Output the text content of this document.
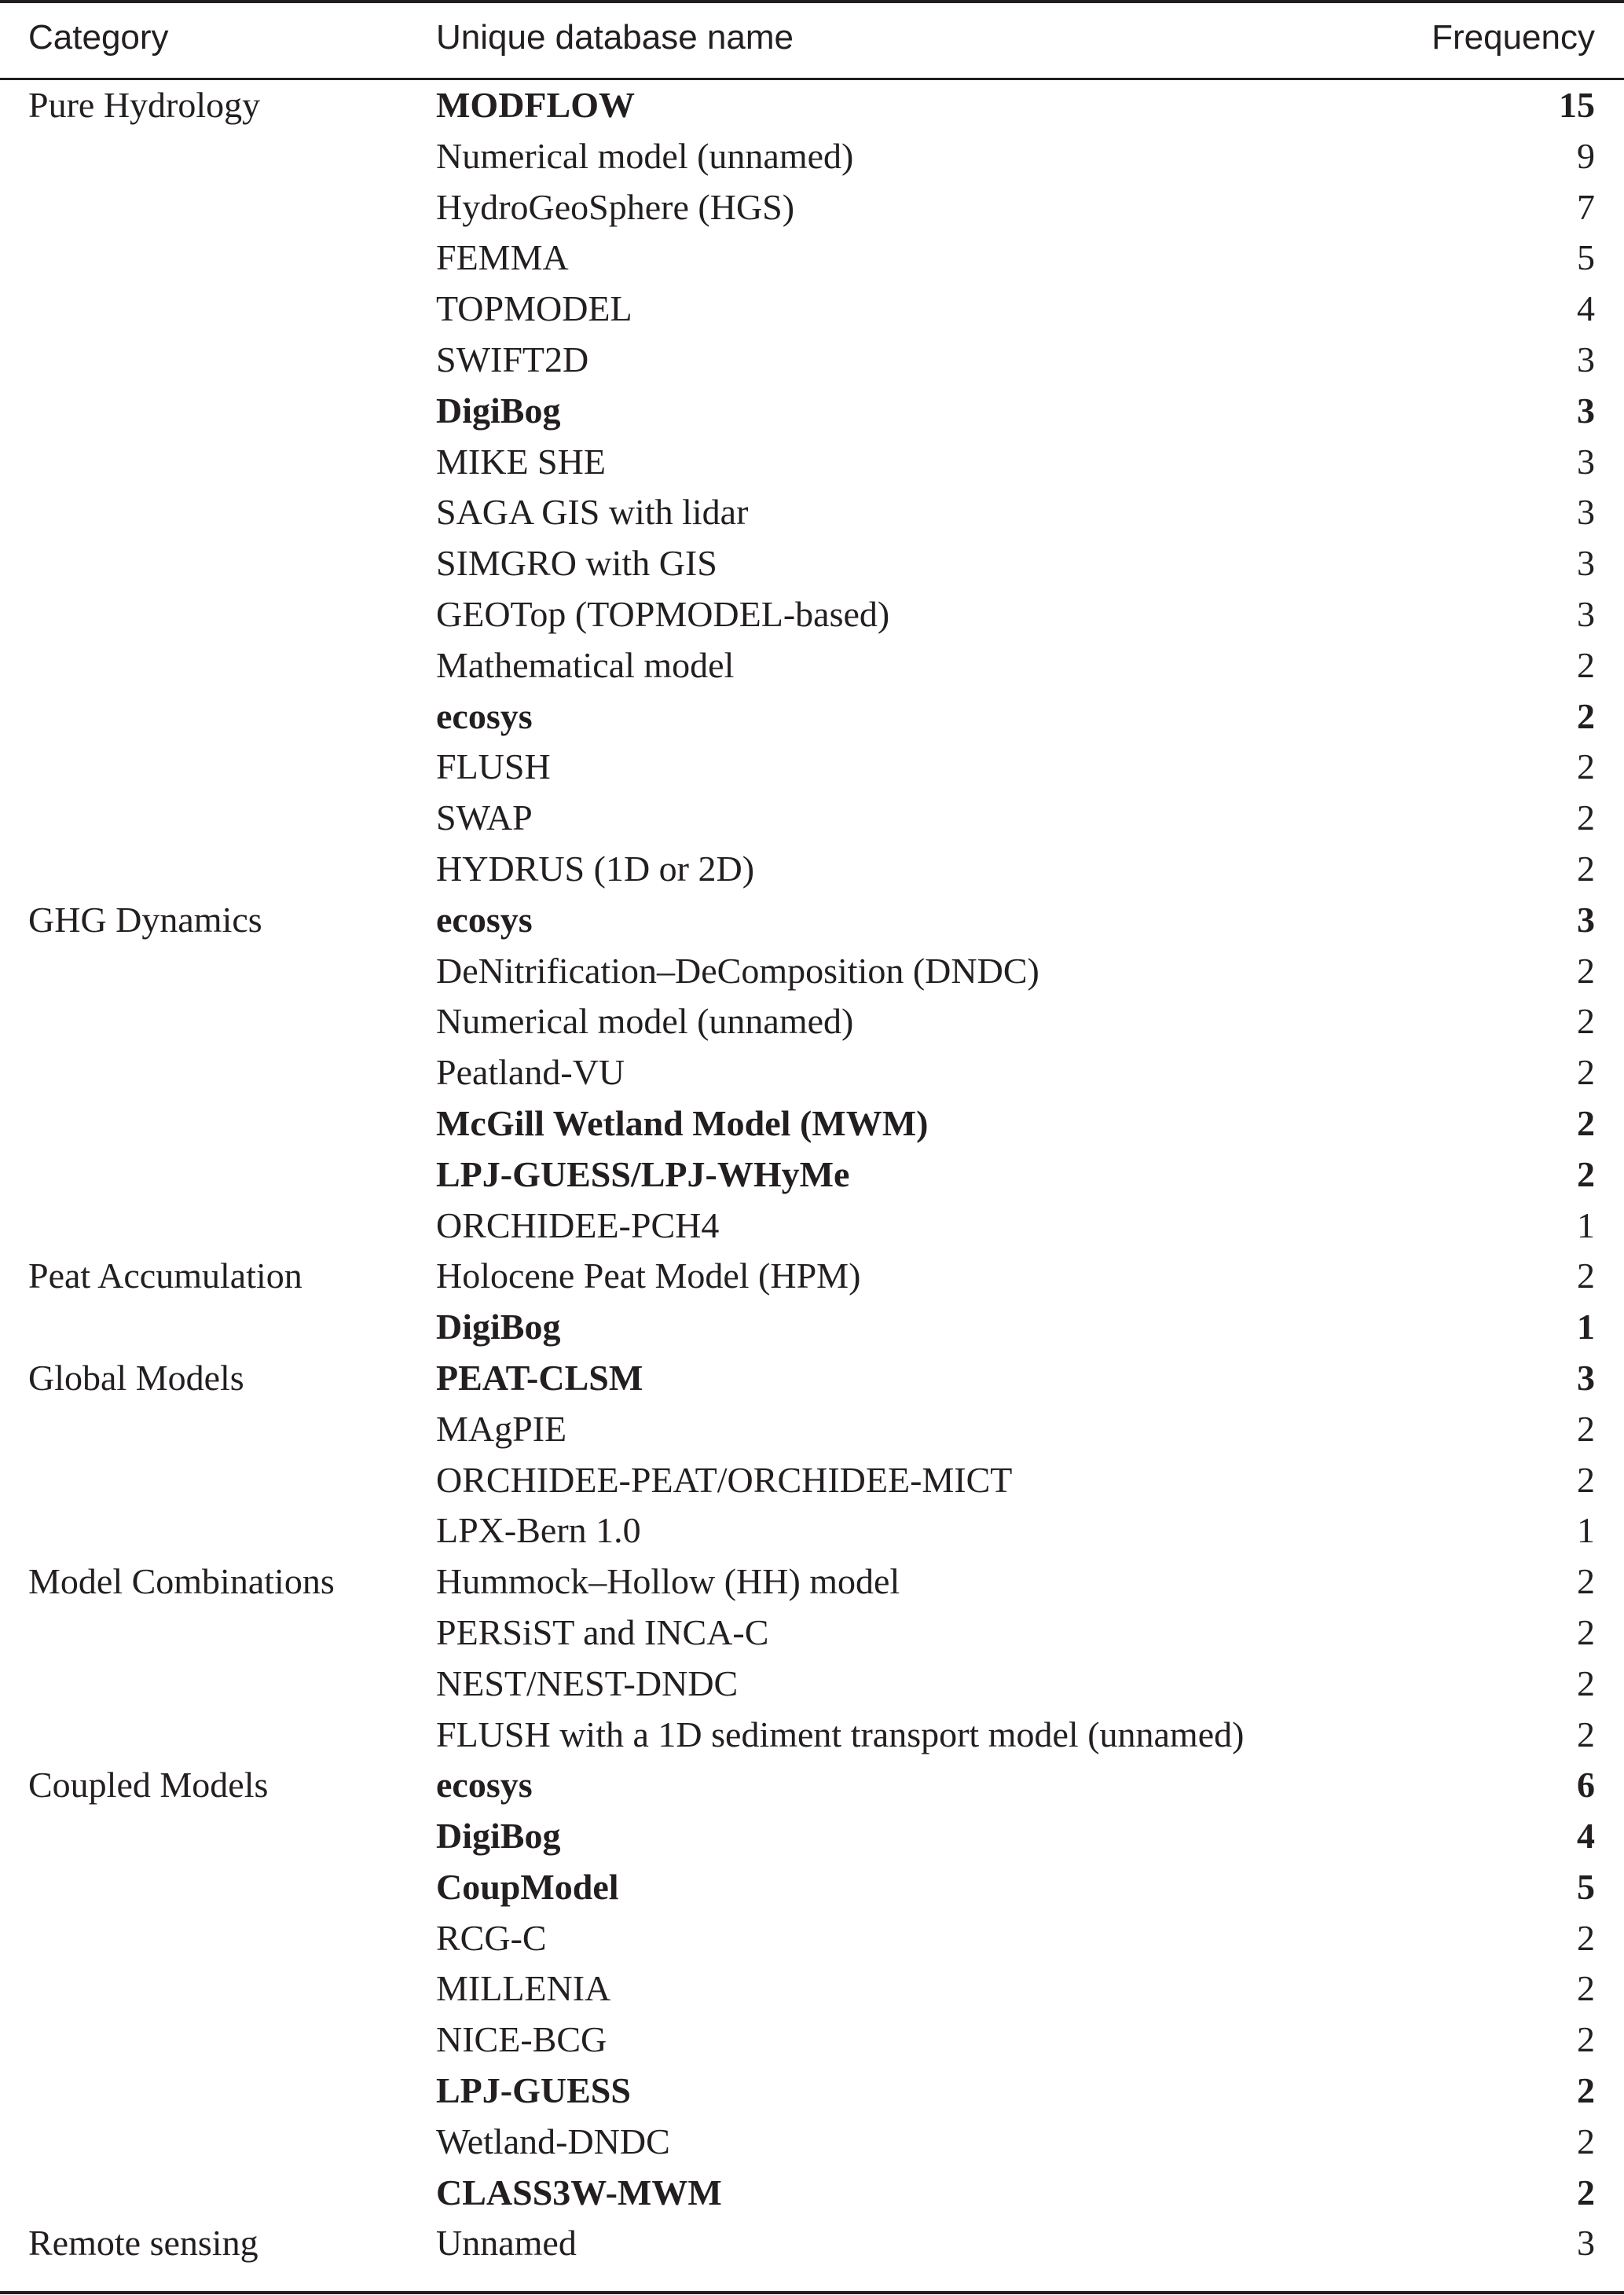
Category	Unique database name	Frequency

Pure Hydrology	MODFLOW	15
	Numerical model (unnamed)	9
	HydroGeoSphere (HGS)	7
	FEMMA	5
	TOPMODEL	4
	SWIFT2D	3
	DigiBog	3
	MIKE SHE	3
	SAGA GIS with lidar	3
	SIMGRO with GIS	3
	GEOTop (TOPMODEL-based)	3
	Mathematical model	2
	ecosys	2
	FLUSH	2
	SWAP	2
	HYDRUS (1D or 2D)	2
GHG Dynamics	ecosys	3
	DeNitrification–DeComposition (DNDC)	2
	Numerical model (unnamed)	2
	Peatland-VU	2
	McGill Wetland Model (MWM)	2
	LPJ-GUESS/LPJ-WHyMe	2
	ORCHIDEE-PCH4	1
Peat Accumulation	Holocene Peat Model (HPM)	2
	DigiBog	1
Global Models	PEAT-CLSM	3
	MAgPIE	2
	ORCHIDEE-PEAT/ORCHIDEE-MICT	2
	LPX-Bern 1.0	1
Model Combinations	Hummock–Hollow (HH) model	2
	PERSiST and INCA-C	2
	NEST/NEST-DNDC	2
	FLUSH with a 1D sediment transport model (unnamed)	2
Coupled Models	ecosys	6
	DigiBog	4
	CoupModel	5
	RCG-C	2
	MILLENIA	2
	NICE-BCG	2
	LPJ-GUESS	2
	Wetland-DNDC	2
	CLASS3W-MWM	2
Remote sensing	Unnamed	3
